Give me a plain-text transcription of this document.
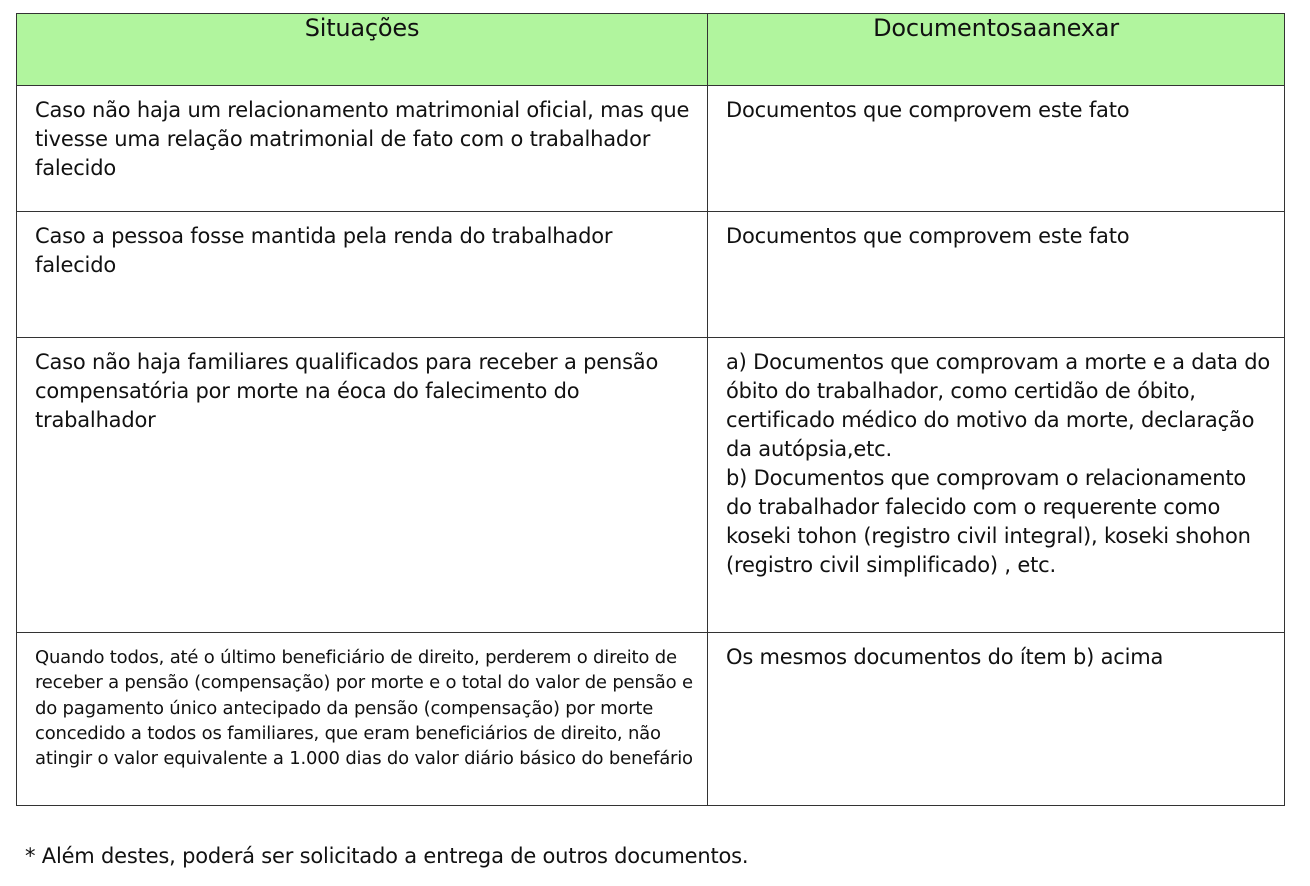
Situações	Documentosaanexar
Caso não haja um relacionamento matrimonial oficial, mas que tivesse uma relação matrimonial de fato com o trabalhador falecido	Documentos que comprovem este fato
Caso a pessoa fosse mantida pela renda do trabalhador falecido	Documentos que comprovem este fato
Caso não haja familiares qualificados para receber a pensão compensatória por morte na éoca do falecimento do trabalhador	a) Documentos que comprovam a morte e a data do óbito do trabalhador, como certidão de óbito, certificado médico do motivo da morte, declaração da autópsia,etc.
b) Documentos que comprovam o relacionamento do trabalhador falecido com o requerente como koseki tohon (registro civil integral), koseki shohon (registro civil simplificado) , etc.

Quando todos, até o último beneficiário de direito, perderem o direito de receber a pensão (compensação) por morte e o total do valor de pensão e do pagamento único antecipado da pensão (compensação) por morte concedido a todos os familiares, que eram beneficiários de direito, não atingir o valor equivalente a 1.000 dias do valor diário básico do benefário	Os mesmos documentos do ítem b) acima
* Além destes, poderá ser solicitado a entrega de outros documentos.
